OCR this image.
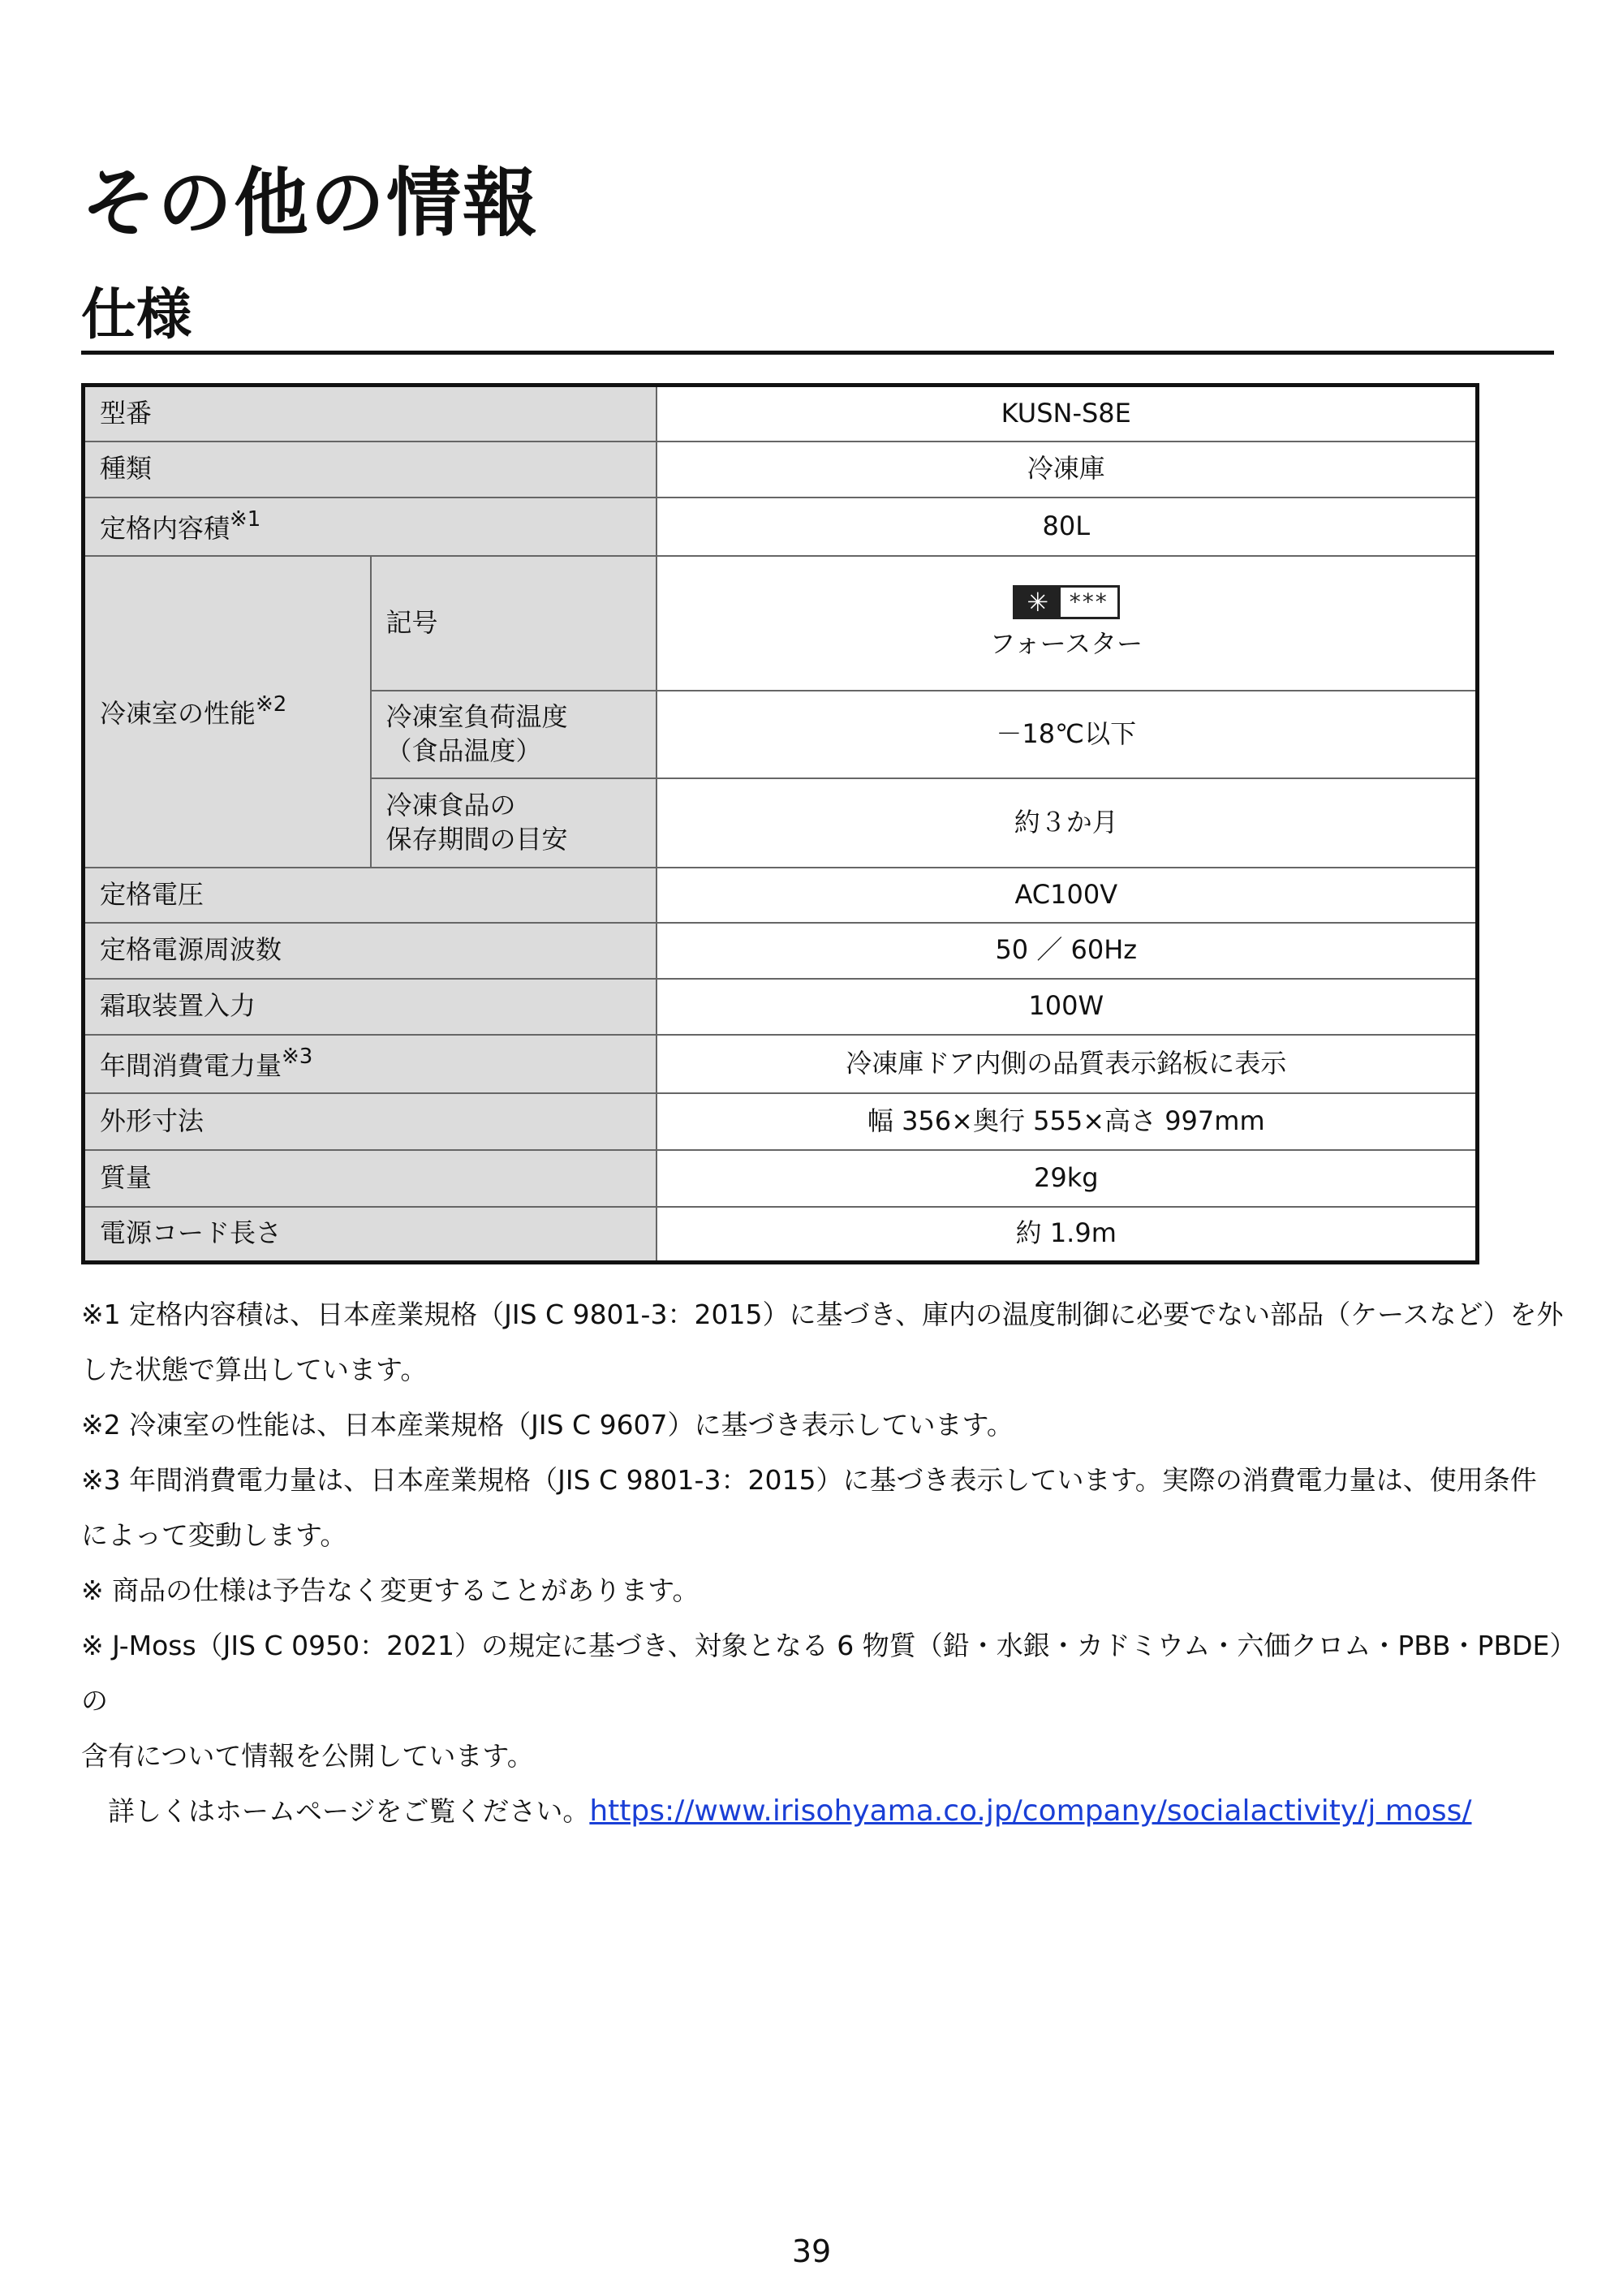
その他の情報
仕様
型番		KUSN-S8E
種類		冷凍庫
定格内容積$^{※1}$		80L
冷凍室の性能$^{※2}$	記号	✳ ***
フォースター

	冷凍室負荷温度
（食品温度）	－18℃以下
	冷凍食品の
保存期間の目安	約３か月
定格電圧		AC100V
定格電源周波数		50 ／ 60Hz
霜取装置入力		100W
年間消費電力量$^{※3}$		冷凍庫ドア内側の品質表示銘板に表示
外形寸法		幅 356×奥行 555×高さ 997mm
質量		29kg
電源コード長さ		約 1.9m

※1 定格内容積は、日本産業規格（JIS C 9801-3：2015）に基づき、庫内の温度制御に必要でない部品（ケースなど）を外

した状態で算出しています。

※2 冷凍室の性能は、日本産業規格（JIS C 9607）に基づき表示しています。

※3 年間消費電力量は、日本産業規格（JIS C 9801-3：2015）に基づき表示しています。実際の消費電力量は、使用条件

によって変動します。

※ 商品の仕様は予告なく変更することがあります。

※ J-Moss（JIS C 0950：2021）の規定に基づき、対象となる 6 物質（鉛・水銀・カドミウム・六価クロム・PBB・PBDE）の

含有について情報を公開しています。

　詳しくはホームページをご覧ください。https://www.irisohyama.co.jp/company/socialactivity/j moss/

39
